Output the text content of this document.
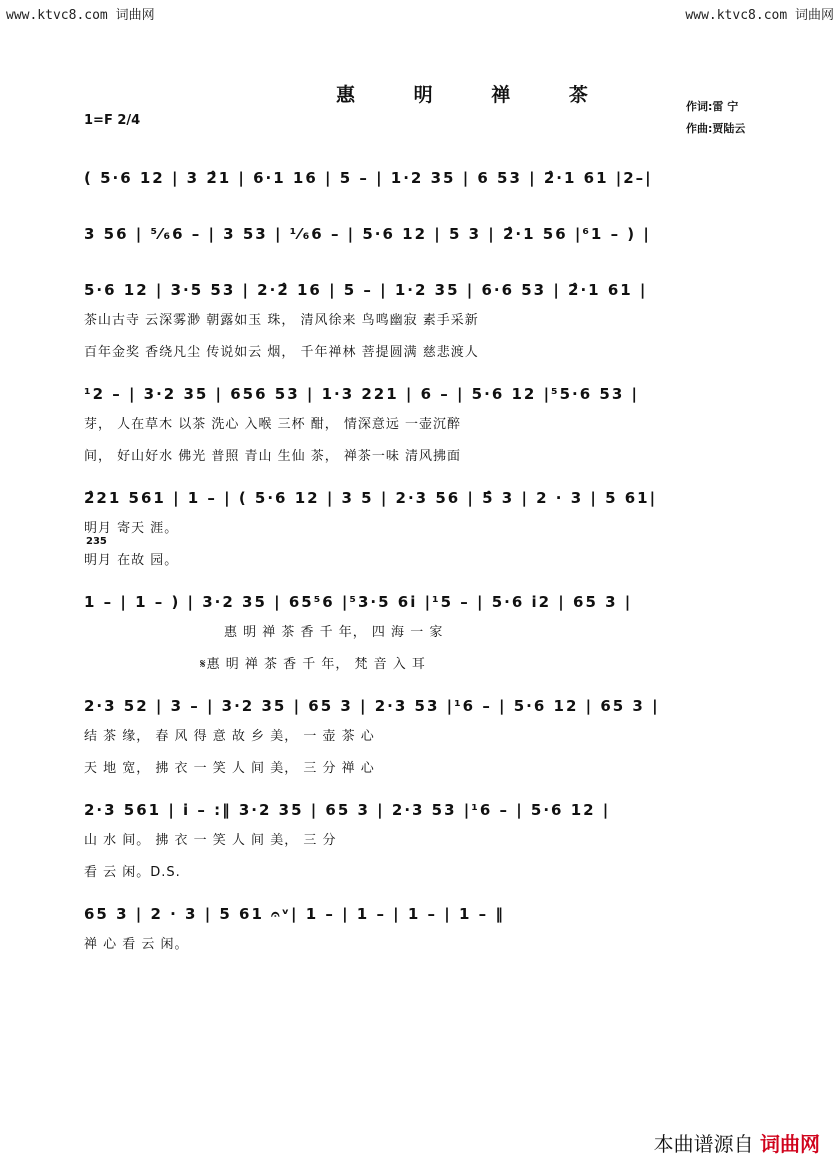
www.ktvc8.com 词曲网	www.ktvc8.com 词曲网
惠 明 禅 茶
1=F 2/4
作词:雷 宁
作曲:贾陆云
( 5·6 12 | 3 2̂1 | 6·1 16 | 5 – | 1·2 35 | 6 53 | 2̂·1 61 |2–|
3 56 | ⁵⁄₆6 – | 3 53 | ¹⁄₆6 – | 5·6 12 | 5 3 | 2̂·1 56 |⁶1 – ) |
5·6 12 | 3·5 53 | 2·2̂ 16 | 5 – | 1·2 35 | 6·6 53 | 2̂·1 61 |
茶山古寺 云深雾渺 朝露如玉 珠， 清风徐来 鸟鸣幽寂 素手采新
百年金奖 香绕凡尘 传说如云 烟， 千年禅林 菩提圆满 慈悲渡人
¹2 – | 3·2 35 | 656 53 | 1·3 221 | 6 – | 5·6 12 |⁵5·6 53 |
芽， 人在草木 以茶 洗心 入喉 三杯 酣， 情深意远 一壶沉醉
间， 好山好水 佛光 普照 青山 生仙 茶， 禅茶一味 清风拂面
2̂21 561 | 1 – | ( 5·6 12 | 3 5 | 2·3 56 | 5̂ 3 | 2 · 3 | 5 61|
明月 寄天 涯。
235
明月 在故 园。
1 – | 1 – ) | 3·2 35 | 65⁵6 |⁵3·5 6i |¹5 – | 5·6 i2 | 65 3 |
惠 明 禅 茶 香 千 年， 四 海 一 家
𝄋惠 明 禅 茶 香 千 年， 梵 音 入 耳
2·3 52 | 3 – | 3·2 35 | 65 3 | 2·3 53 |¹6 – | 5·6 12 | 65 3 |
结 茶 缘， 春 风 得 意 故 乡 美， 一 壶 茶 心
天 地 宽， 拂 衣 一 笑 人 间 美， 三 分 禅 心
2·3 561 | i – :‖ 3·2 35 | 65 3 | 2·3 53 |¹6 – | 5·6 12 |
山 水 间。 拂 衣 一 笑 人 间 美， 三 分
看 云 闲。D.S.
65 3 | 2 · 3 | 5 61 𝄐ᵛ| 1 – | 1 – | 1 – | 1 – ‖
禅 心 看 云 闲。
本曲谱源自 词曲网
